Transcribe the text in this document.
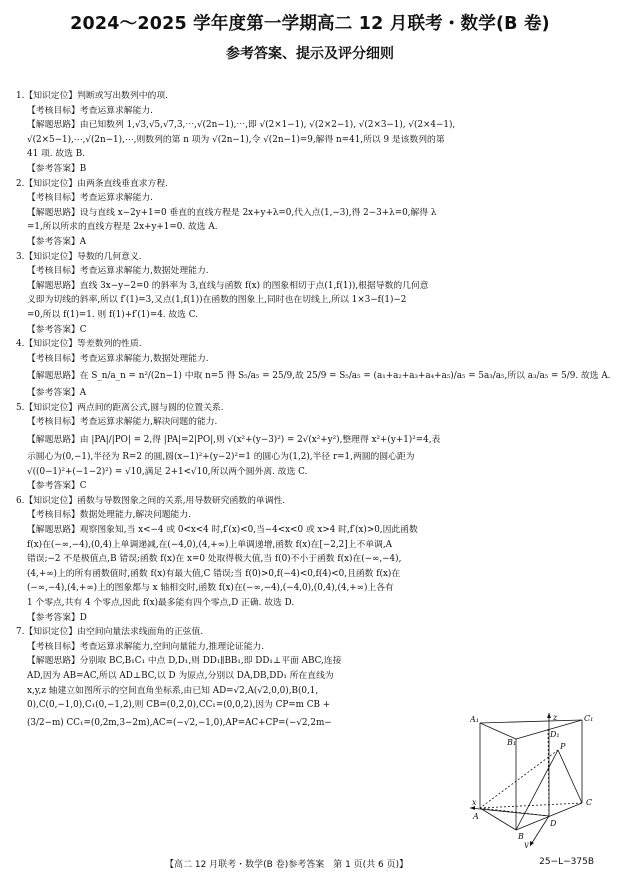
2024～2025 学年度第一学期高二 12 月联考・数学(B 卷)
参考答案、提示及评分细则
1.【知识定位】判断或写出数列中的项.
【考核目标】考查运算求解能力.
【解题思路】由已知数列 1,√3,√5,√7,3,⋯,√(2n−1),⋯,即 √(2×1−1), √(2×2−1), √(2×3−1), √(2×4−1),
√(2×5−1),⋯,√(2n−1),⋯,则数列的第 n 项为 √(2n−1),令 √(2n−1)=9,解得 n=41,所以 9 是该数列的第
41 项. 故选 B.
【参考答案】B
2.【知识定位】由两条直线垂直求方程.
【考核目标】考查运算求解能力.
【解题思路】设与直线 x−2y+1=0 垂直的直线方程是 2x+y+λ=0,代入点(1,−3),得 2−3+λ=0,解得 λ
=1,所以所求的直线方程是 2x+y+1=0. 故选 A.
【参考答案】A
3.【知识定位】导数的几何意义.
【考核目标】考查运算求解能力,数据处理能力.
【解题思路】直线 3x−y−2=0 的斜率为 3,直线与函数 f(x) 的图象相切于点(1,f(1)),根据导数的几何意
义即为切线的斜率,所以 f′(1)=3,又点(1,f(1))在函数的图象上,同时也在切线上,所以 1×3−f(1)−2
=0,所以 f(1)=1. 则 f(1)+f′(1)=4. 故选 C.
【参考答案】C
4.【知识定位】等差数列的性质.
【考核目标】考查运算求解能力,数据处理能力.
【解题思路】在 S_n/a_n = n²/(2n−1) 中取 n=5 得 S₅/a₅ = 25/9,故 25/9 = S₅/a₅ = (a₁+a₂+a₃+a₄+a₅)/a₅ = 5a₃/a₅,所以 a₃/a₅ = 5/9. 故选 A.
【参考答案】A
5.【知识定位】两点间的距离公式,圆与圆的位置关系.
【考核目标】考查运算求解能力,解决问题的能力.
【解题思路】由 |PA|/|PO| = 2,得 |PA|=2|PO|,则 √(x²+(y−3)²) = 2√(x²+y²),整理得 x²+(y+1)²=4,表
示圆心为(0,−1),半径为 R=2 的圆,圆(x−1)²+(y−2)²=1 的圆心为(1,2),半径 r=1,两圆的圆心距为
√((0−1)²+(−1−2)²) = √10,满足 2+1<√10,所以两个圆外离. 故选 C.
【参考答案】C
6.【知识定位】函数与导数图象之间的关系,用导数研究函数的单调性.
【考核目标】数据处理能力,解决问题能力.
【解题思路】观察图象知,当 x<−4 或 0<x<4 时,f′(x)<0,当−4<x<0 或 x>4 时,f′(x)>0,因此函数
f(x)在(−∞,−4),(0,4)上单调递减,在(−4,0),(4,+∞)上单调递增,函数 f(x)在[−2,2]上不单调,A
错误;−2 不是极值点,B 错误;函数 f(x)在 x=0 处取得极大值,当 f(0)不小于函数 f(x)在(−∞,−4),
(4,+∞)上的所有函数值时,函数 f(x)有最大值,C 错误;当 f(0)>0,f(−4)<0,f(4)<0,且函数 f(x)在
(−∞,−4),(4,+∞)上的图象都与 x 轴相交时,函数 f(x)在(−∞,−4),(−4,0),(0,4),(4,+∞)上各有
1 个零点,共有 4 个零点,因此 f(x)最多能有四个零点,D 正确. 故选 D.
【参考答案】D
7.【知识定位】由空间向量法求线面角的正弦值.
【考核目标】考查运算求解能力,空间向量能力,推理论证能力.
【解题思路】分别取 BC,B₁C₁ 中点 D,D₁,则 DD₁∥BB₁,即 DD₁⊥平面 ABC,连接
AD,因为 AB=AC,所以 AD⊥BC,以 D 为原点,分别以 DA,DB,DD₁ 所在直线为
x,y,z 轴建立如图所示的空间直角坐标系,由已知 AD=√2,A(√2,0,0),B(0,1,
0),C(0,−1,0),C₁(0,−1,2),则 CB=(0,2,0),CC₁=(0,0,2),因为 CP=m CB +
(3/2−m) CC₁=(0,2m,3−2m),AC=(−√2,−1,0),AP=AC+CP=(−√2,2m−
z
A₁	C₁
B₁
D₁
P
x
A
C
D
B
y
【高二 12 月联考・数学(B 卷)参考答案　第 1 页(共 6 页)】	25−L−375B
